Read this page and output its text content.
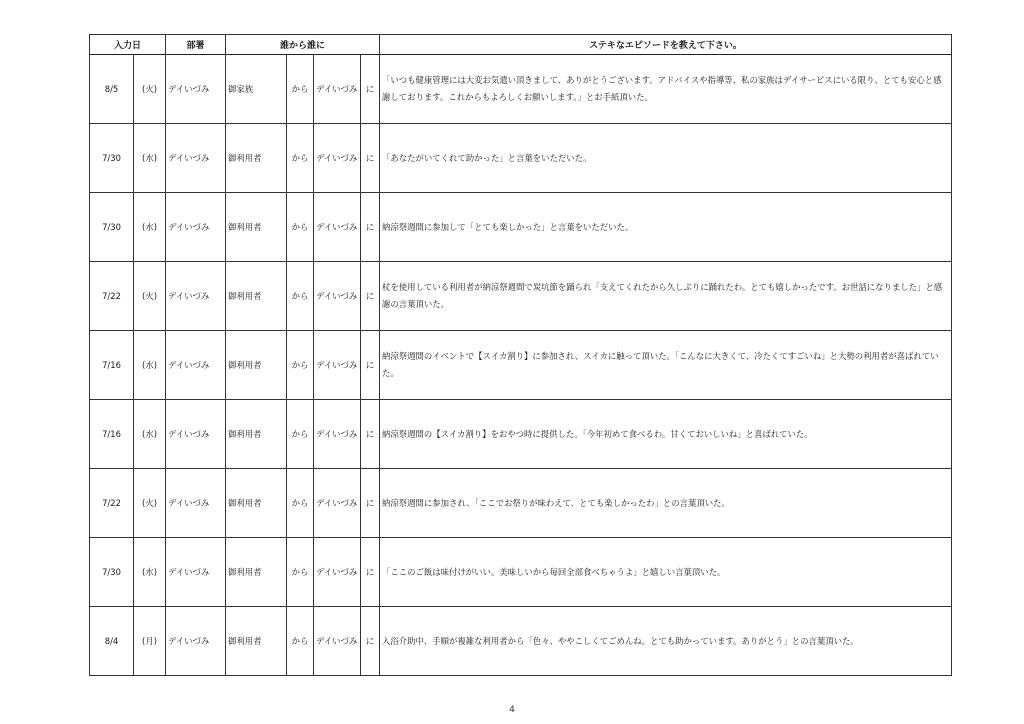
入力日		部署	誰から誰に				ステキなエピソードを教えて下さい。
8/5	(火)	デイいづみ	御家族	から	デイいづみ	に	「いつも健康管理には大変お気遣い頂きまして、ありがとうございます。アドバイスや指導等、私の家族はデイサービスにいる限り、とても安心と感謝しております。これからもよろしくお願いします。」とお手紙頂いた。
7/30	(水)	デイいづみ	御利用者	から	デイいづみ	に	「あなたがいてくれて助かった」と言葉をいただいた。
7/30	(水)	デイいづみ	御利用者	から	デイいづみ	に	納涼祭週間に参加して「とても楽しかった」と言葉をいただいた。
7/22	(火)	デイいづみ	御利用者	から	デイいづみ	に	杖を使用している利用者が納涼祭週間で炭坑節を踊られ「支えてくれたから久しぶりに踊れたわ。とても嬉しかったです。お世話になりました」と感謝の言葉頂いた。
7/16	(水)	デイいづみ	御利用者	から	デイいづみ	に	納涼祭週間のイベントで【スイカ割り】に参加され、スイカに触って頂いた。「こんなに大きくて、冷たくてすごいね」と大勢の利用者が喜ばれていた。
7/16	(水)	デイいづみ	御利用者	から	デイいづみ	に	納涼祭週間の【スイカ割り】をおやつ時に提供した。「今年初めて食べるわ。甘くておいしいね」と喜ばれていた。
7/22	(火)	デイいづみ	御利用者	から	デイいづみ	に	納涼祭週間に参加され、「ここでお祭りが味わえて、とても楽しかったわ」との言葉頂いた。
7/30	(水)	デイいづみ	御利用者	から	デイいづみ	に	「ここのご飯は味付けがいい。美味しいから毎回全部食べちゃうよ」と嬉しい言葉頂いた。
8/4	(月)	デイいづみ	御利用者	から	デイいづみ	に	入浴介助中、手順が複雑な利用者から「色々、ややこしくてごめんね。とても助かっています。ありがとう」との言葉頂いた。
4
